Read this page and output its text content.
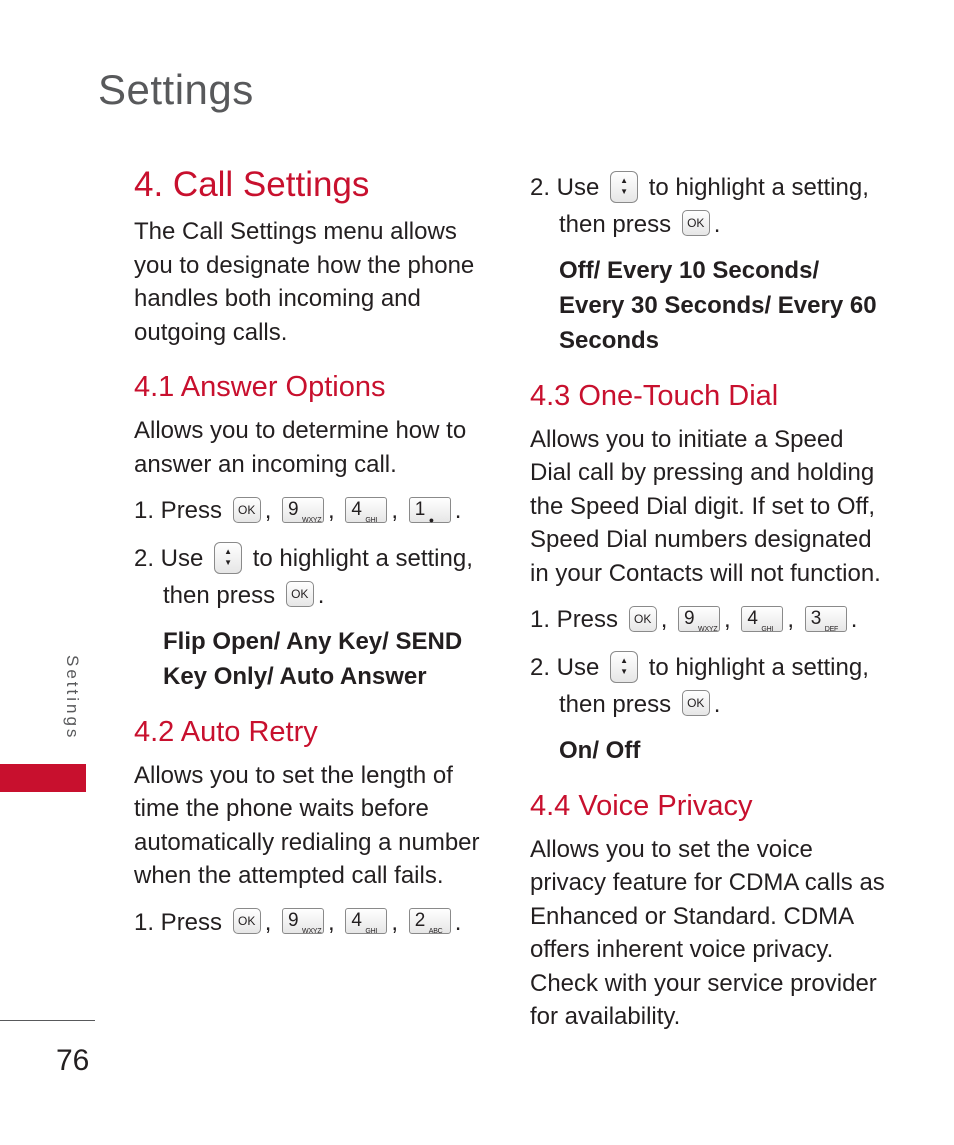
Settings
4. Call Settings

The Call Settings menu allows you to designate how the phone handles both incoming and outgoing calls.

4.1 Answer Options

Allows you to determine how to answer an incoming call.

1. Press OK , 9
WXYZ , 4
GHI , 1 ● .
2. Use	▲
▼ to highlight a setting,
then press OK .
Flip Open/ Any Key/ SEND Key Only/ Auto Answer
4.2 Auto Retry

Allows you to set the length of time the phone waits before automatically redialing a number when the attempted call fails.

1. Press OK , 9
WXYZ , 4
GHI , 2
ABC .
2. Use	▲
▼ to highlight a setting,
then press OK .
Off/ Every 10 Seconds/ Every 30 Seconds/ Every 60 Seconds
4.3 One-Touch Dial

Allows you to initiate a Speed Dial call by pressing and holding the Speed Dial digit. If set to Off, Speed Dial numbers designated in your Contacts will not function.

1. Press OK , 9
WXYZ , 4
GHI , 3
DEF .
2. Use	▲
▼ to highlight a setting,
then press OK .
On/ Off
4.4 Voice Privacy

Allows you to set the voice privacy feature for CDMA calls as Enhanced or Standard. CDMA offers inherent voice privacy. Check with your service provider for availability.

Settings
76
